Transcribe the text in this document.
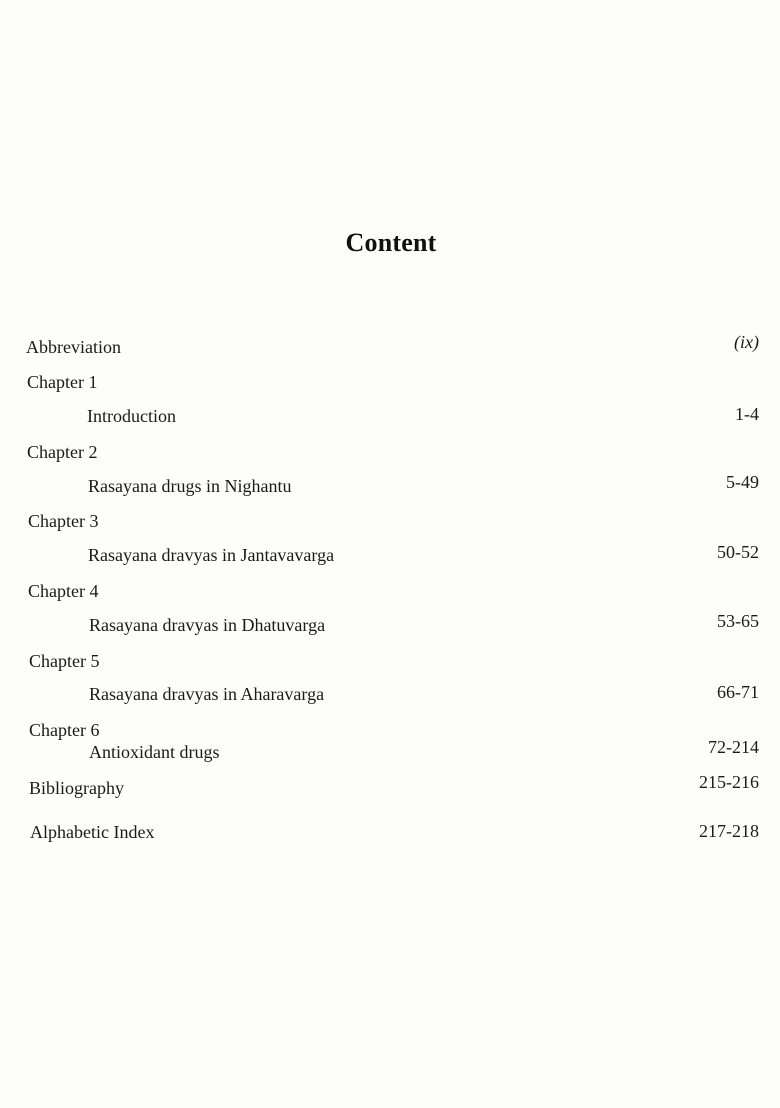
Content
Abbreviation	(ix)
Chapter 1
Introduction	1-4
Chapter 2
Rasayana drugs in Nighantu	5-49
Chapter 3
Rasayana dravyas in Jantavavarga	50-52
Chapter 4
Rasayana dravyas in Dhatuvarga	53-65
Chapter 5
Rasayana dravyas in Aharavarga	66-71
Chapter 6
Antioxidant drugs	72-214
Bibliography	215-216
Alphabetic Index	217-218
